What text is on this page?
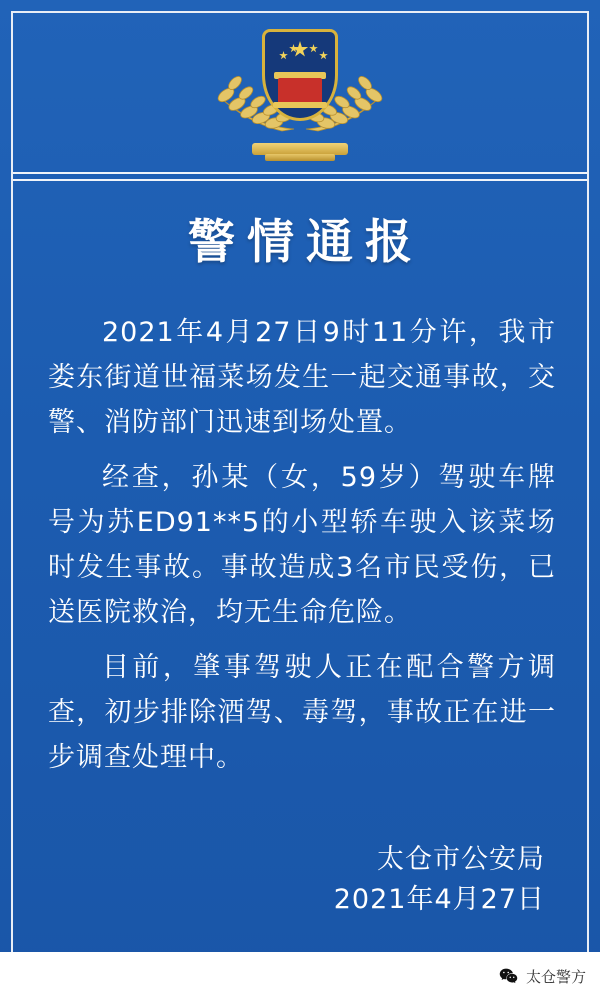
警情通报

2021年4月27日9时11分许，我市娄东街道世福菜场发生一起交通事故，交警、消防部门迅速到场处置。

经查，孙某（女，59岁）驾驶车牌号为苏ED91**5的小型轿车驶入该菜场时发生事故。事故造成3名市民受伤，已送医院救治，均无生命危险。

目前，肇事驾驶人正在配合警方调查，初步排除酒驾、毒驾，事故正在进一步调查处理中。

太仓市公安局
2021年4月27日
太仓警方
